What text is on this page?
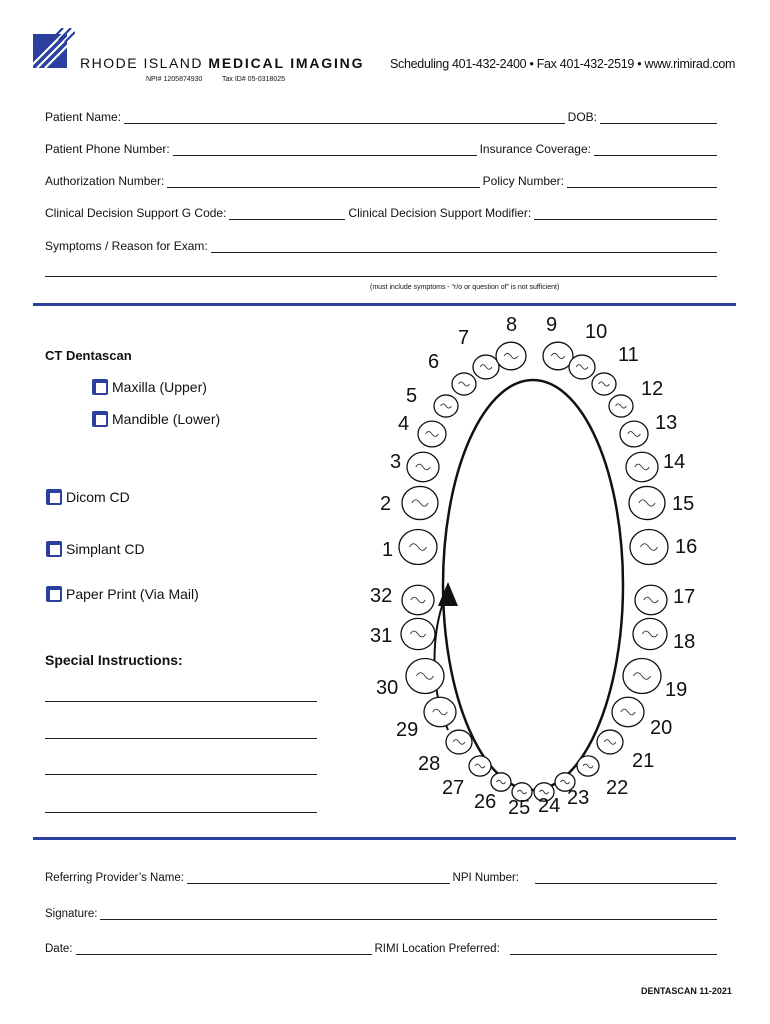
RHODE ISLAND MEDICAL IMAGING
NPI# 1205874930	Tax ID# 05-0318025
Scheduling 401-432-2400 • Fax 401-432-2519 • www.rimirad.com
Patient Name:	DOB:
Patient Phone Number:	Insurance Coverage:
Authorization Number:	Policy Number:
Clinical Decision Support G Code:	Clinical Decision Support Modifier:
Symptoms / Reason for Exam:
(must include symptoms - “r/o or question of” is not sufficient)
CT Dentascan
Maxilla (Upper)
Mandible (Lower)
Dicom CD
Simplant CD
Paper Print (Via Mail)
Special Instructions:
1
2
3
4
5
6
7
8 9 10
11
12
13
14
15
16
17
18
19
20
21
22
23
24
25
26
27
28
29
30
31
32
Referring Provider’s Name:	NPI Number:
Signature:
Date:	RIMI Location Preferred:
DENTASCAN 11-2021
